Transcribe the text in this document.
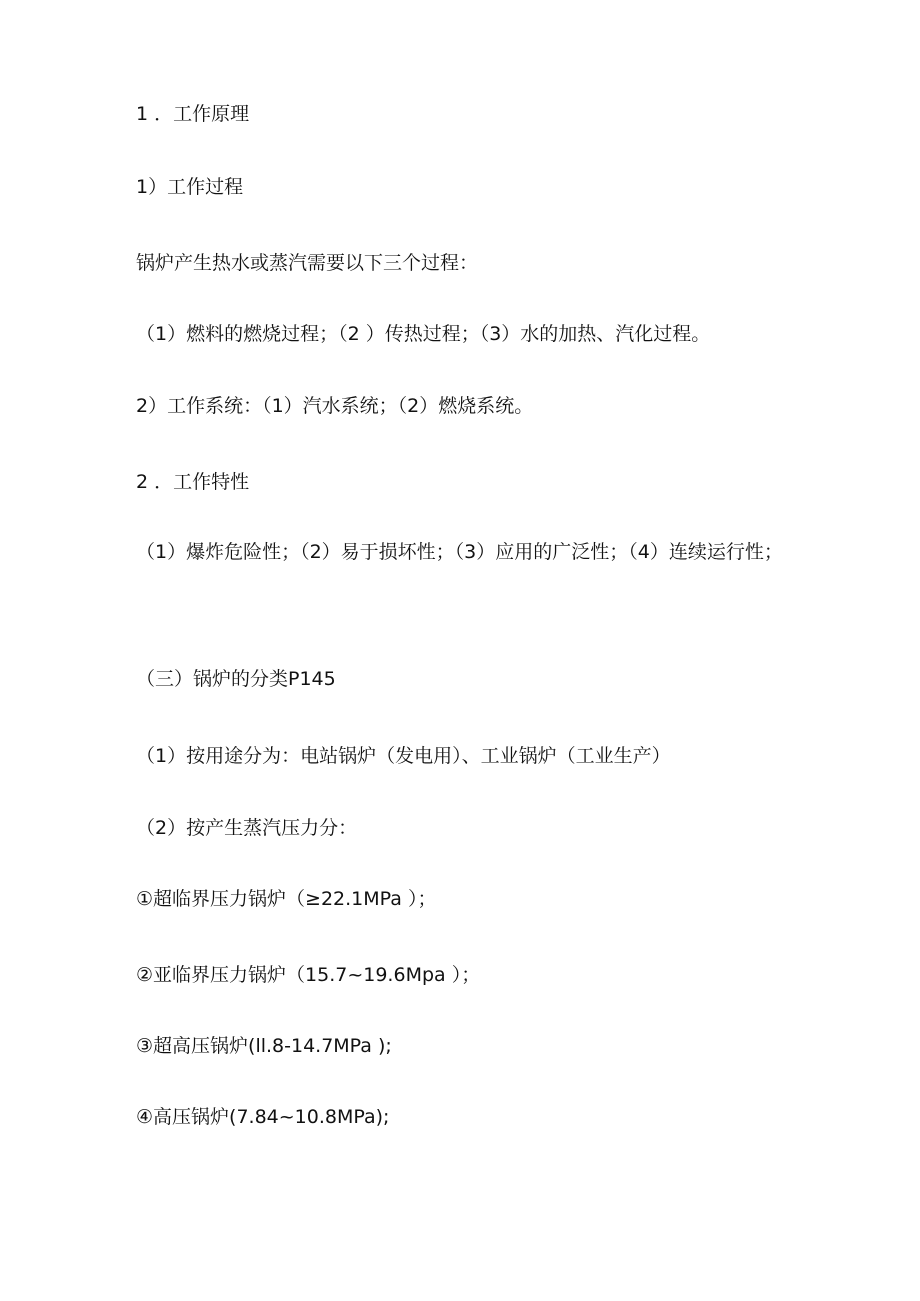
1 ．工作原理
1）工作过程
锅炉产生热水或蒸汽需要以下三个过程：
（1）燃料的燃烧过程；（2 ）传热过程；（3）水的加热、汽化过程。
2）工作系统：（1）汽水系统；（2）燃烧系统。
2 ．工作特性
（1）爆炸危险性；（2）易于损坏性；（3）应用的广泛性；（4）连续运行性；
（三）锅炉的分类P145
（1）按用途分为：电站锅炉（发电用）、工业锅炉（工业生产）
（2）按产生蒸汽压力分：
①超临界压力锅炉（≥22.1MPa ）；
②亚临界压力锅炉（15.7~19.6Mpa ）；
③超高压锅炉(ll.8-14.7MPa );
④高压锅炉(7.84~10.8MPa);
